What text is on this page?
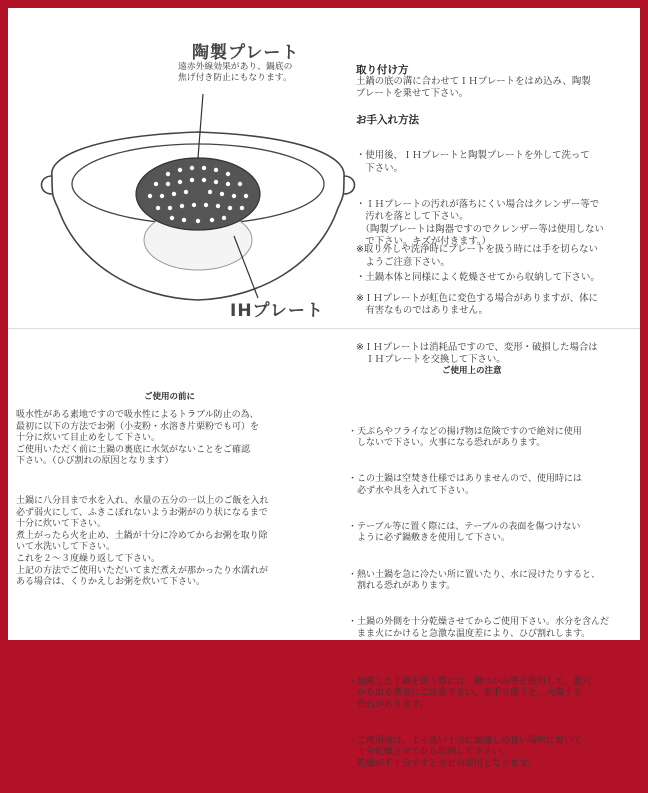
陶製プレート
遠赤外線効果があり、鍋底の
焦げ付き防止にもなります。
IHプレート
取り付け方
土鍋の底の溝に合わせてＩＨプレートをはめ込み、陶製
プレートを乗せて下さい。
お手入れ方法

・使用後、ＩＨプレートと陶製プレートを外して洗って
　下さい。

・ＩＨプレートの汚れが落ちにくい場合はクレンザー等で
　汚れを落として下さい。
　（陶製プレートは陶器ですのでクレンザー等は使用しない
　で下さい。キズが付きます。）

・土鍋本体と同様によく乾燥させてから収納して下さい。

※取り外しや洗浄時にプレートを扱う時には手を切らない
　ようご注意下さい。

※ＩＨプレートが虹色に変色する場合がありますが、体に
　有害なものではありません。

※ＩＨプレートは消耗品ですので、変形・破損した場合は
　ＩＨプレートを交換して下さい。

ご使用の前に
吸水性がある素地ですので吸水性によるトラブル防止の為、
最初に以下の方法でお粥（小麦粉・水溶き片栗粉でも可）を
十分に炊いて目止めをして下さい。
ご使用いただく前に土鍋の裏底に水気がないことをご確認
下さい。（ひび割れの原因となります）
土鍋に八分目まで水を入れ、水量の五分の一以上のご飯を入れ
必ず弱火にして、ふきこぼれないようお粥がのり状になるまで
十分に炊いて下さい。
煮上がったら火を止め、土鍋が十分に冷めてからお粥を取り除
いて水洗いして下さい。
これを２〜３度繰り返して下さい。
上記の方法でご使用いただいてまだ煮えが那かったり水濡れが
ある場合は、くりかえしお粥を炊いて下さい。
ご使用上の注意

・天ぷらやフライなどの揚げ物は危険ですので絶対に使用
　しないで下さい。火事になる恐れがあります。

・この土鍋は空焚き仕様ではありませんので、使用時には
　必ず水や具を入れて下さい。

・テーブル等に置く際には、テーブルの表面を傷つけない
　ように必ず鍋敷きを使用して下さい。

・熱い土鍋を急に冷たい所に置いたり、水に浸けたりすると、
　割れる恐れがあります。

・土鍋の外側を十分乾燥させてからご使用下さい。水分を含んだ
　まま火にかけると急激な温度差により、ひび割れします。

・加熱した土鍋を扱う際には、鍋つかみ等を使用して、蓋穴
　から出る蒸気にご注意下さい。素手で扱うと、火傷する
　恐れがあります。

・ご使用後は、よく洗い十分に風通しの良い場所に置いて
　十分乾燥させてから収納して下さい。
　乾燥が不十分ですとカビの原因となります。
